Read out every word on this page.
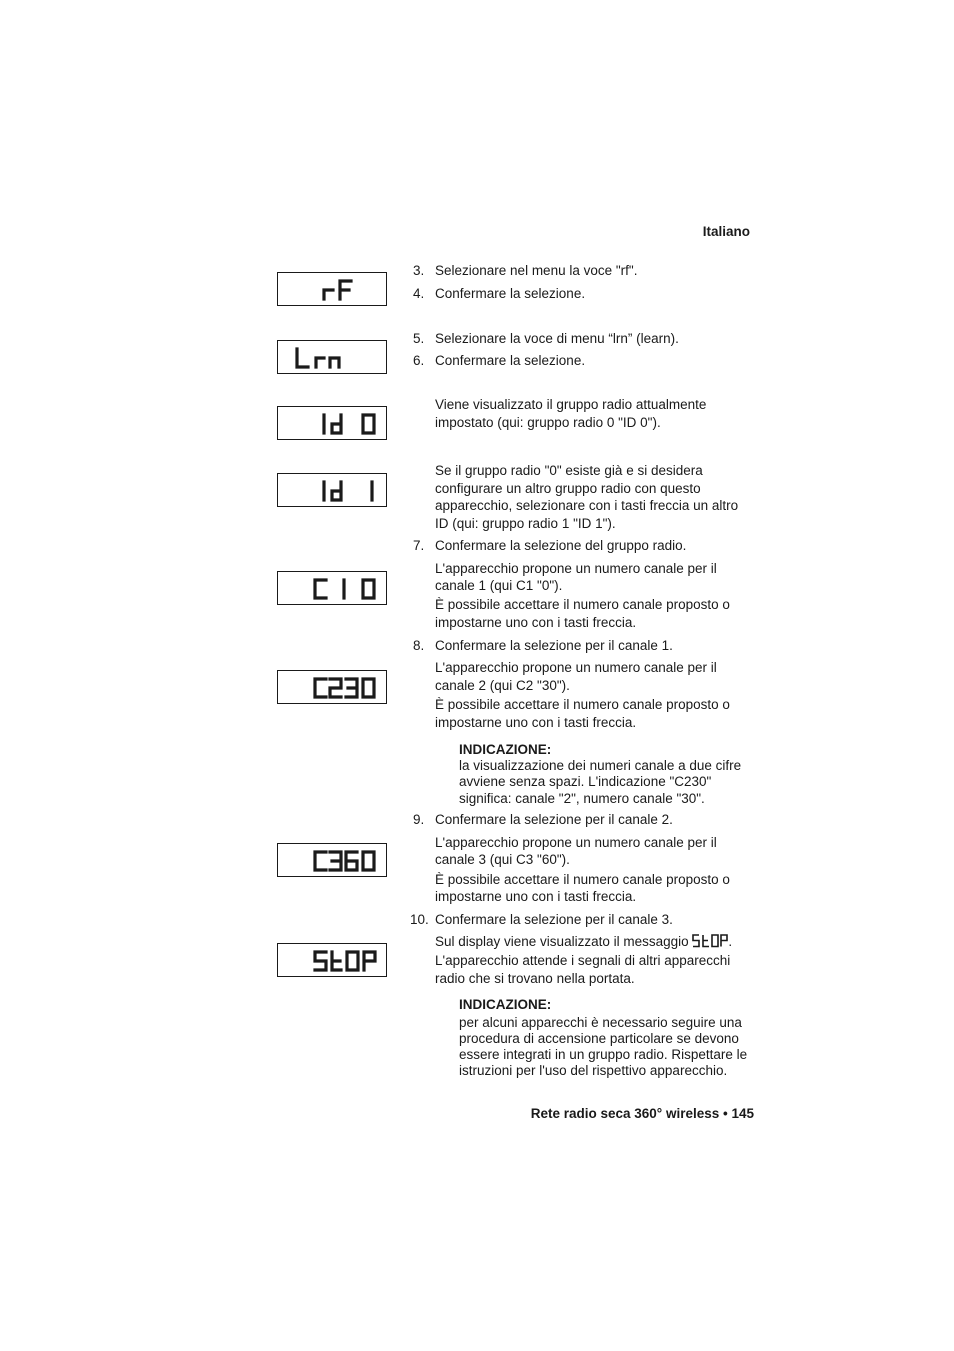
Italiano
3. Selezionare nel menu la voce "rf".
4. Confermare la selezione.
5. Selezionare la voce di menu “lrn” (learn).
6. Confermare la selezione.
Viene visualizzato il gruppo radio attualmente
impostato (qui: gruppo radio 0 "ID 0").
Se il gruppo radio "0" esiste già e si desidera
configurare un altro gruppo radio con questo
apparecchio, selezionare con i tasti freccia un altro
ID (qui: gruppo radio 1 "ID 1").
7. Confermare la selezione del gruppo radio.
L'apparecchio propone un numero canale per il
canale 1 (qui C1 "0").
È possibile accettare il numero canale proposto o
impostarne uno con i tasti freccia.
8. Confermare la selezione per il canale 1.
L'apparecchio propone un numero canale per il
canale 2 (qui C2 "30").
È possibile accettare il numero canale proposto o
impostarne uno con i tasti freccia.
INDICAZIONE:
la visualizzazione dei numeri canale a due cifre
avviene senza spazi. L'indicazione "C230"
significa: canale "2", numero canale "30".
9. Confermare la selezione per il canale 2.
L'apparecchio propone un numero canale per il
canale 3 (qui C3 "60").
È possibile accettare il numero canale proposto o
impostarne uno con i tasti freccia.
10. Confermare la selezione per il canale 3.
Sul display viene visualizzato il messaggio	.
L'apparecchio attende i segnali di altri apparecchi
radio che si trovano nella portata.
INDICAZIONE:
per alcuni apparecchi è necessario seguire una
procedura di accensione particolare se devono
essere integrati in un gruppo radio. Rispettare le
istruzioni per l'uso del rispettivo apparecchio.
Rete radio seca 360° wireless • 145
